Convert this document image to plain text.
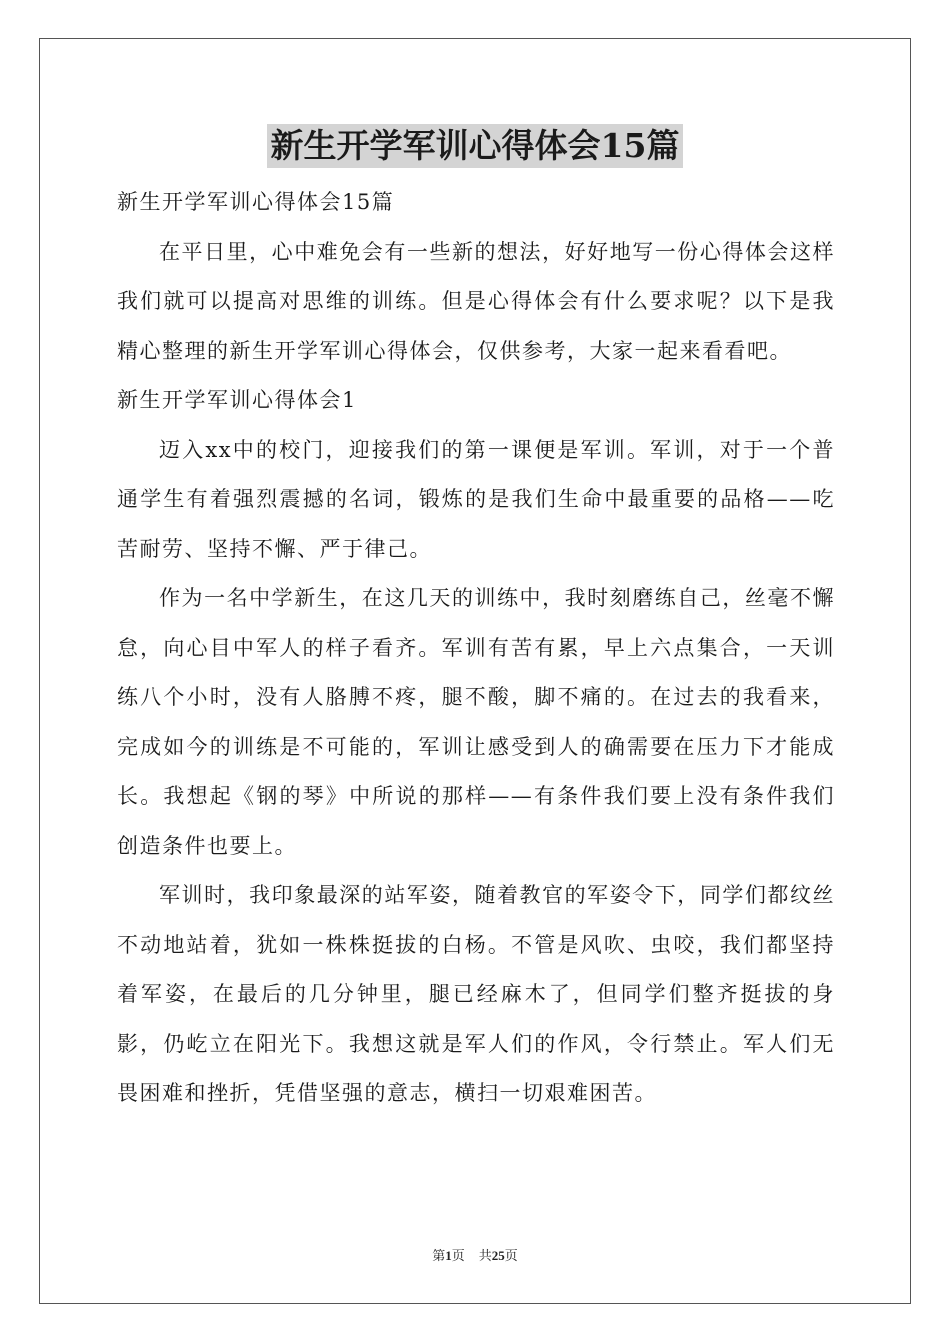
新生开学军训心得体会15篇

新生开学军训心得体会15篇

在平日里，心中难免会有一些新的想法，好好地写一份心得体会这样我们就可以提高对思维的训练。但是心得体会有什么要求呢？以下是我精心整理的新生开学军训心得体会，仅供参考，大家一起来看看吧。

新生开学军训心得体会1

迈入xx中的校门，迎接我们的第一课便是军训。军训，对于一个普通学生有着强烈震撼的名词，锻炼的是我们生命中最重要的品格——吃苦耐劳、坚持不懈、严于律己。

作为一名中学新生，在这几天的训练中，我时刻磨练自己，丝毫不懈怠，向心目中军人的样子看齐。军训有苦有累，早上六点集合，一天训练八个小时，没有人胳膊不疼，腿不酸，脚不痛的。在过去的我看来，完成如今的训练是不可能的，军训让感受到人的确需要在压力下才能成长。我想起《钢的琴》中所说的那样——有条件我们要上没有条件我们创造条件也要上。

军训时，我印象最深的站军姿，随着教官的军姿令下，同学们都纹丝不动地站着，犹如一株株挺拔的白杨。不管是风吹、虫咬，我们都坚持着军姿，在最后的几分钟里，腿已经麻木了，但同学们整齐挺拔的身影，仍屹立在阳光下。我想这就是军人们的作风，令行禁止。军人们无畏困难和挫折，凭借坚强的意志，横扫一切艰难困苦。

第1页 共25页
